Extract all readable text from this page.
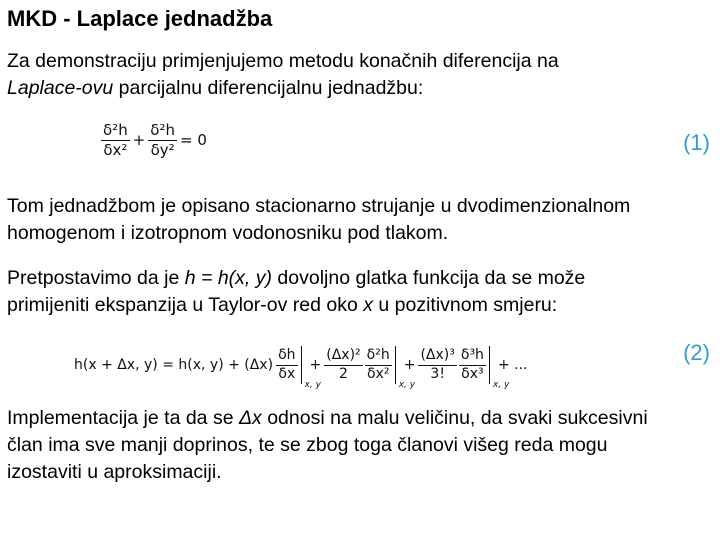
MKD - Laplace jednadžba
Za demonstraciju primjenjujemo metodu konačnih diferencija na
Laplace-ovu parcijalnu diferencijalnu jednadžbu:
$\frac{\text{δ²h}}{\text{δx²}} + \frac{\text{δ²h}}{\text{δy²}} = 0$	(1)
Tom jednadžbom je opisano stacionarno strujanje u dvodimenzionalnom
homogenom i izotropnom vodonosniku pod tlakom.
Pretpostavimo da je h = h(x, y) dovoljno glatka funkcija da se može
primijeniti ekspanzija u Taylor-ov red oko x u pozitivnom smjeru:
h(x + Δx, y) = h(x, $y) + (\Delta x) \frac{\delta h}{\delta x}$
x, y
+ $\frac{\text{(Δx)²}}{2} \frac{\text{δ²h}}{\text{δx²}}$
x, y
+ $\frac{\text{(Δx)³}}{3!} \frac{\text{δ³h}}{\text{δx³}}$
x, y
+ ...	(2)
Implementacija je ta da se Δx odnosi na malu veličinu, da svaki sukcesivni
član ima sve manji doprinos, te se zbog toga članovi višeg reda mogu
izostaviti u aproksimaciji.
